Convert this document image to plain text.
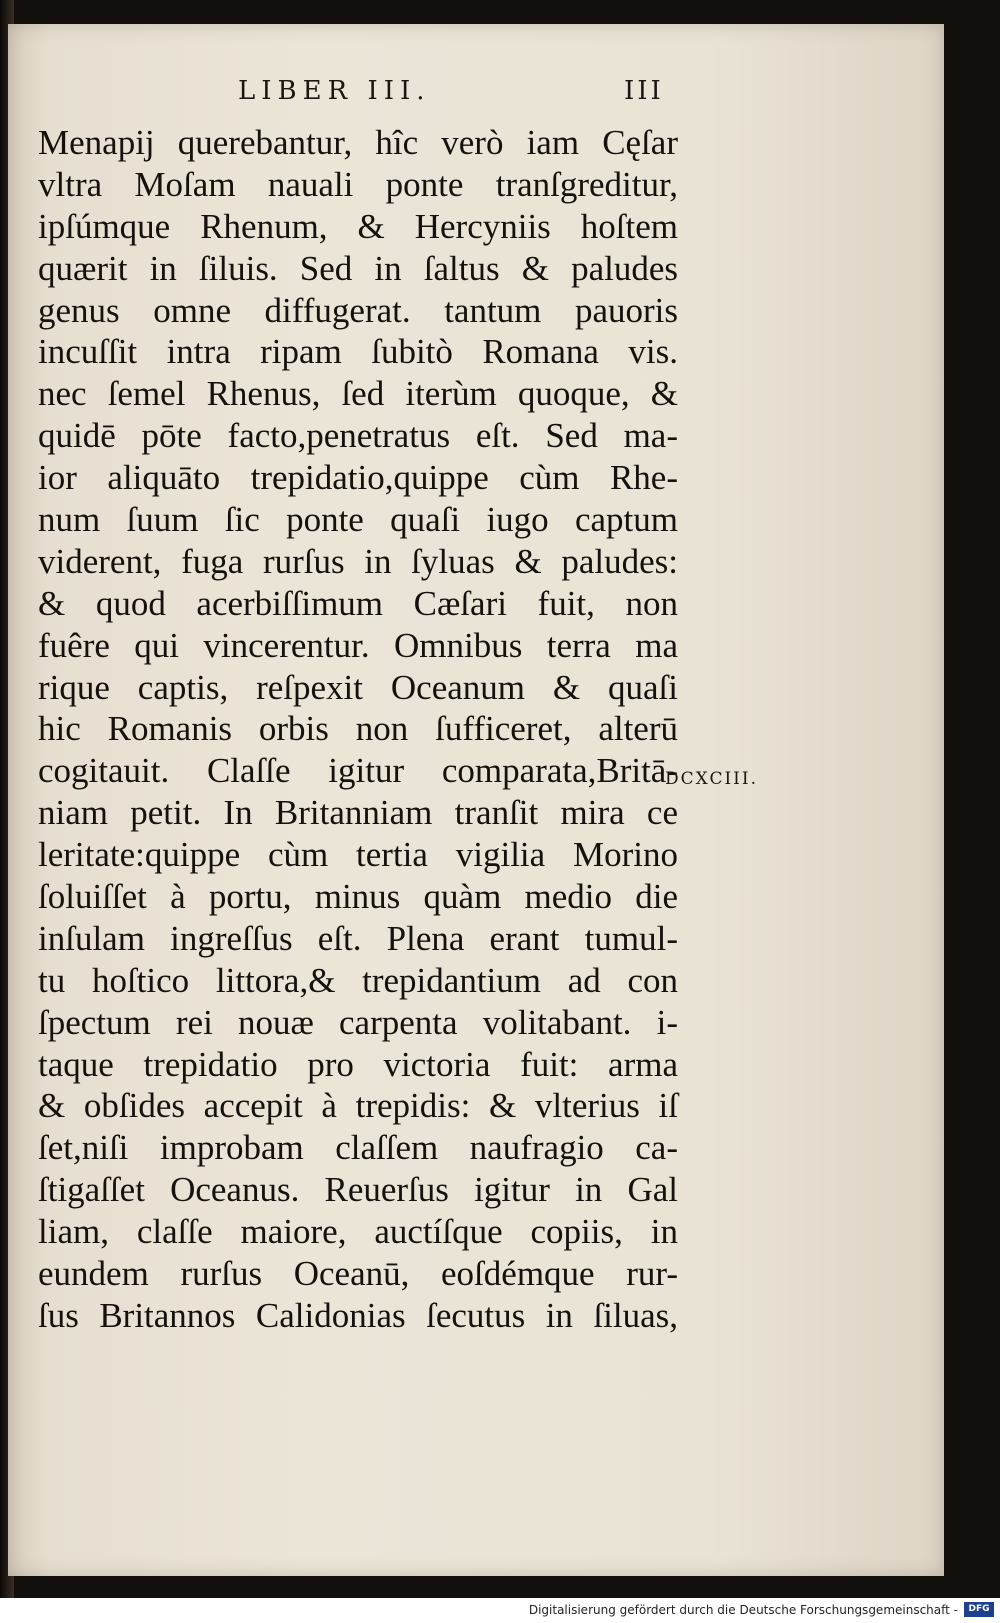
LIBER III.	III
Menapij querebantur, hîc verò iam Cęſar
vltra Moſam nauali ponte tranſgreditur,
ipſúmque Rhenum, & Hercyniis hoſtem
quærit in ſiluis. Sed in ſaltus & paludes
genus omne diffugerat. tantum pauoris
incuſſit intra ripam ſubitò Romana vis.
nec ſemel Rhenus, ſed iterùm quoque, &
quidē pōte facto,penetratus eſt. Sed ma-
ior aliquāto trepidatio,quippe cùm Rhe-
num ſuum ſic ponte quaſi iugo captum
viderent, fuga rurſus in ſyluas & paludes:
& quod acerbiſſimum Cæſari fuit, non
fuêre qui vincerentur. Omnibus terra ma
rique captis, reſpexit Oceanum & quaſi
hic Romanis orbis non ſufficeret, alterū
cogitauit. Claſſe igitur comparata,Britā-
niam petit. In Britanniam tranſit mira ce
leritate:quippe cùm tertia vigilia Morino
ſoluiſſet à portu, minus quàm medio die
inſulam ingreſſus eſt. Plena erant tumul-
tu hoſtico littora,& trepidantium ad con
ſpectum rei nouæ carpenta volitabant. i-
taque trepidatio pro victoria fuit: arma
& obſides accepit à trepidis: & vlterius iſ
ſet,niſi improbam claſſem naufragio ca-
ſtigaſſet Oceanus. Reuerſus igitur in Gal
liam, claſſe maiore, auctíſque copiis, in
eundem rurſus Oceanū, eoſdémque rur-
ſus Britannos Calidonias ſecutus in ſiluas,
DCXCIII.
Digitalisierung gefördert durch die Deutsche Forschungsgemeinschaft -	DFG
